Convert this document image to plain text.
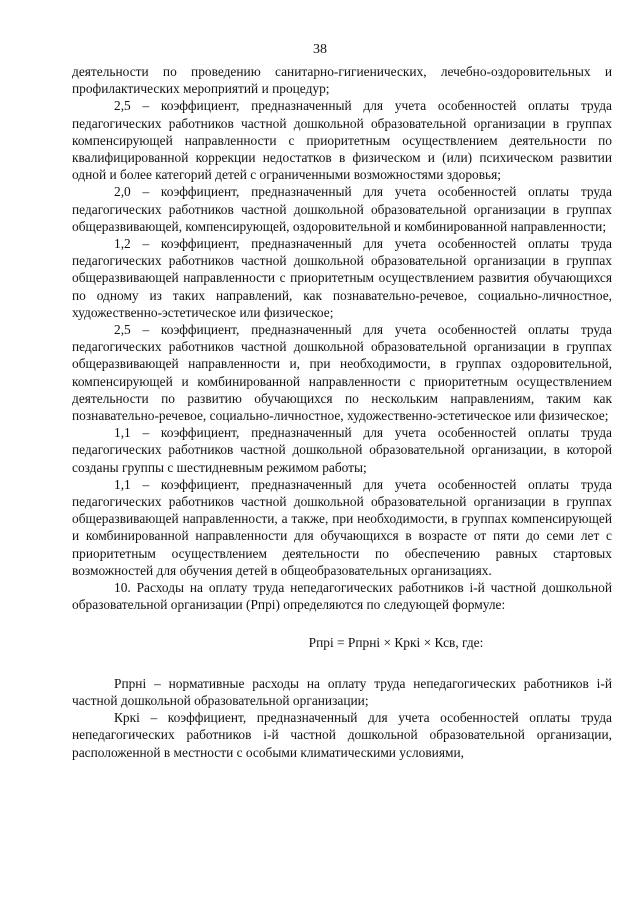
38

деятельности по проведению санитарно-гигиенических, лечебно-оздоровительных и профилактических мероприятий и процедур;

2,5 – коэффициент, предназначенный для учета особенностей оплаты труда педагогических работников частной дошкольной образовательной организации в группах компенсирующей направленности с приоритетным осуществлением деятельности по квалифицированной коррекции недостатков в физическом и (или) психическом развитии одной и более категорий детей с ограниченными возможностями здоровья;

2,0 – коэффициент, предназначенный для учета особенностей оплаты труда педагогических работников частной дошкольной образовательной организации в группах общеразвивающей, компенсирующей, оздоровительной и комбинированной направленности;

1,2 – коэффициент, предназначенный для учета особенностей оплаты труда педагогических работников частной дошкольной образовательной организации в группах общеразвивающей направленности с приоритетным осуществлением развития обучающихся по одному из таких направлений, как познавательно-речевое, социально-личностное, художественно-эстетическое или физическое;

2,5 – коэффициент, предназначенный для учета особенностей оплаты труда педагогических работников частной дошкольной образовательной организации в группах общеразвивающей направленности и, при необходимости, в группах оздоровительной, компенсирующей и комбинированной направленности с приоритетным осуществлением деятельности по развитию обучающихся по нескольким направлениям, таким как познавательно-речевое, социально-личностное, художественно-эстетическое или физическое;

1,1 – коэффициент, предназначенный для учета особенностей оплаты труда педагогических работников частной дошкольной образовательной организации, в которой созданы группы с шестидневным режимом работы;

1,1 – коэффициент, предназначенный для учета особенностей оплаты труда педагогических работников частной дошкольной образовательной организации в группах общеразвивающей направленности, а также, при необходимости, в группах компенсирующей и комбинированной направленности для обучающихся в возрасте от пяти до семи лет с приоритетным осуществлением деятельности по обеспечению равных стартовых возможностей для обучения детей в общеобразовательных организациях.

10. Расходы на оплату труда непедагогических работников i-й частной дошкольной образовательной организации (Рпрi) определяются по следующей формуле:

Рпрi = Рпрнi × Кркi × Ксв, где:

Рпрнi – нормативные расходы на оплату труда непедагогических работников i-й частной дошкольной образовательной организации;

Кркi – коэффициент, предназначенный для учета особенностей оплаты труда непедагогических работников i-й частной дошкольной образовательной организации, расположенной в местности с особыми климатическими условиями,
